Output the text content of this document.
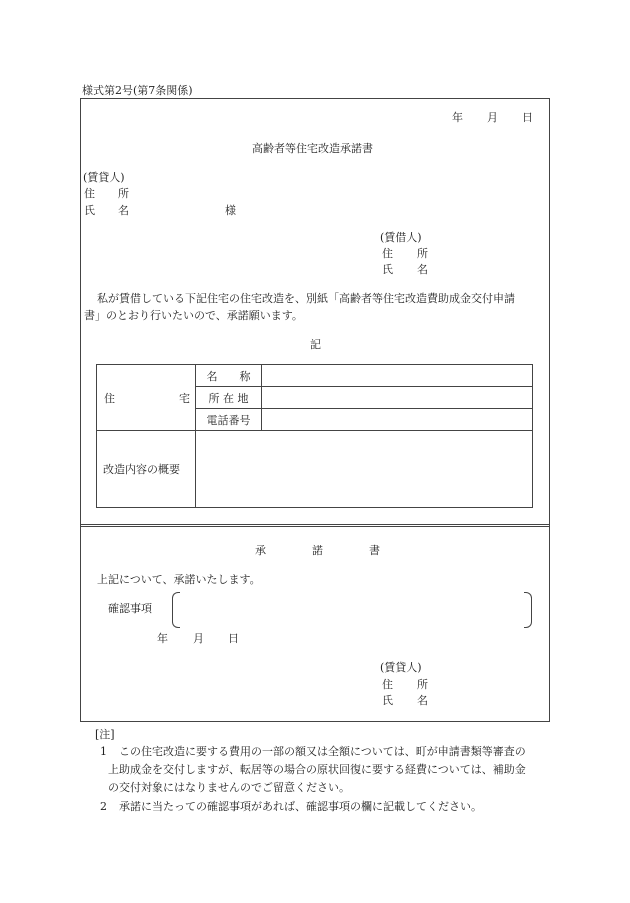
様式第2号(第7条関係)
年 月 日
高齢者等住宅改造承諾書
(賃貸人)
住 所
氏 名	様
(賃借人)
住 所
氏 名
私が賃借している下記住宅の住宅改造を、別紙「高齢者等住宅改造費助成金交付申請
書」のとおり行いたいので、承諾願います。
記
住 宅	名　　称	
	所 在 地	
	電話番号	
改造内容の概要		
承	諾	書
上記について、承諾いたします。
確認事項
年 月 日
(賃貸人)
住 所
氏 名
[注]
1 この住宅改造に要する費用の一部の額又は全額については、町が申請書類等審査の
上助成金を交付しますが、転居等の場合の原状回復に要する経費については、補助金
の交付対象にはなりませんのでご留意ください。
2 承諾に当たっての確認事項があれば、確認事項の欄に記載してください。
